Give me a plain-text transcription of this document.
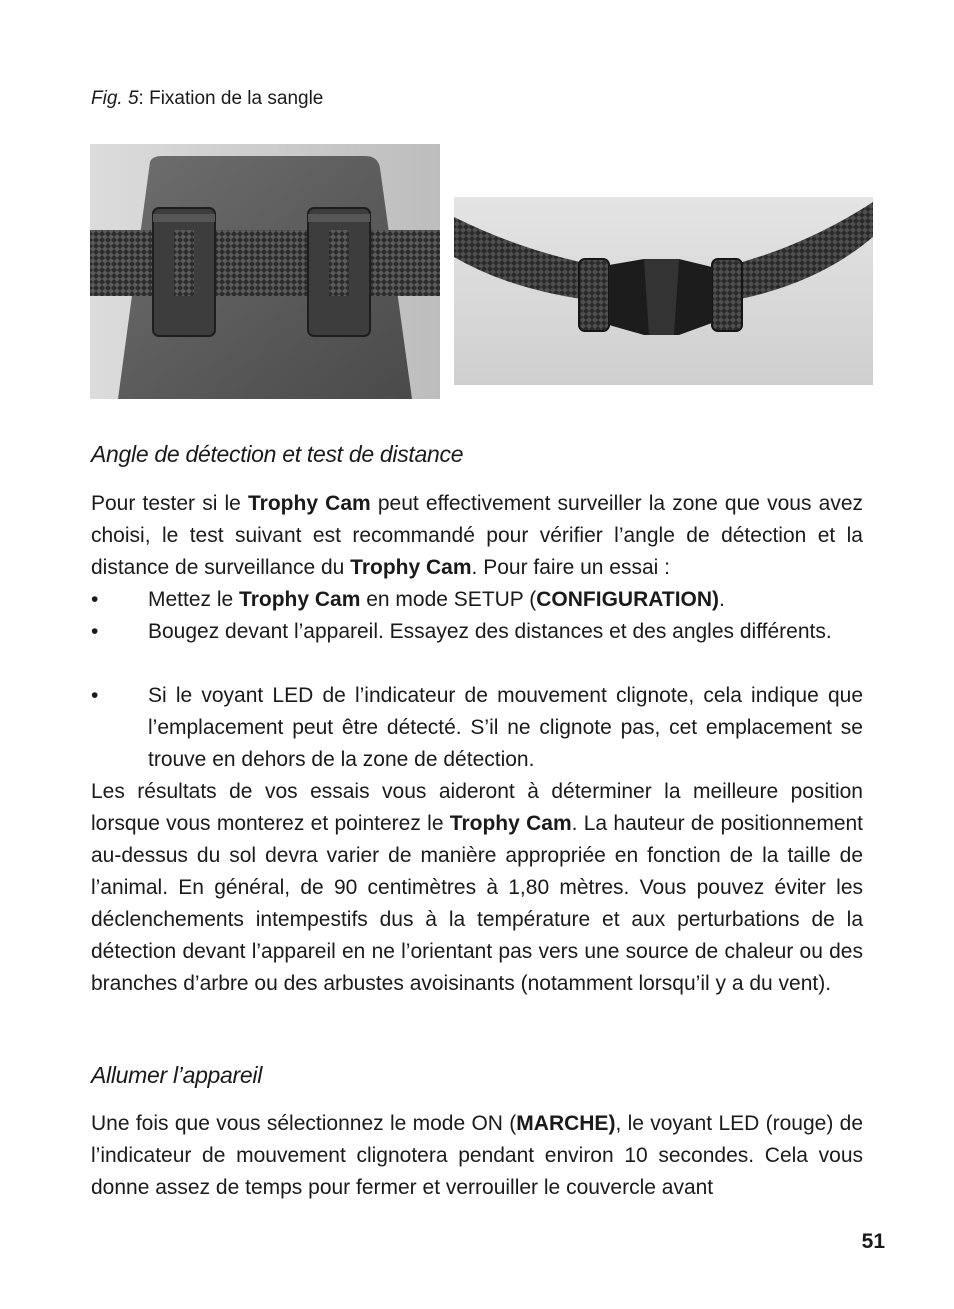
Fig. 5: Fixation de la sangle
Angle de détection et test de distance

Pour tester si le Trophy Cam peut effectivement surveiller la zone que vous avez choisi, le test suivant est recommandé pour vérifier l’angle de détection et la distance de surveillance du Trophy Cam. Pour faire un essai :

• Mettez le Trophy Cam en mode SETUP (CONFIGURATION).
• Bougez devant l’appareil. Essayez des distances et des angles différents.
• Si le voyant LED de l’indicateur de mouvement clignote, cela indique que l’emplacement peut être détecté. S’il ne clignote pas, cet emplacement se trouve en dehors de la zone de détection.

Les résultats de vos essais vous aideront à déterminer la meilleure position lorsque vous monterez et pointerez le Trophy Cam. La hauteur de positionnement au-dessus du sol devra varier de manière appropriée en fonction de la taille de l’animal. En général, de 90 centimètres à 1,80 mètres. Vous pouvez éviter les déclenchements intempestifs dus à la température et aux perturbations de la détection devant l’appareil en ne l’orientant pas vers une source de chaleur ou des branches d’arbre ou des arbustes avoisinants (notamment lorsqu’il y a du vent).

Allumer l’appareil

Une fois que vous sélectionnez le mode ON (MARCHE), le voyant LED (rouge) de l’indicateur de mouvement clignotera pendant environ 10 secondes. Cela vous donne assez de temps pour fermer et verrouiller le couvercle avant

51
